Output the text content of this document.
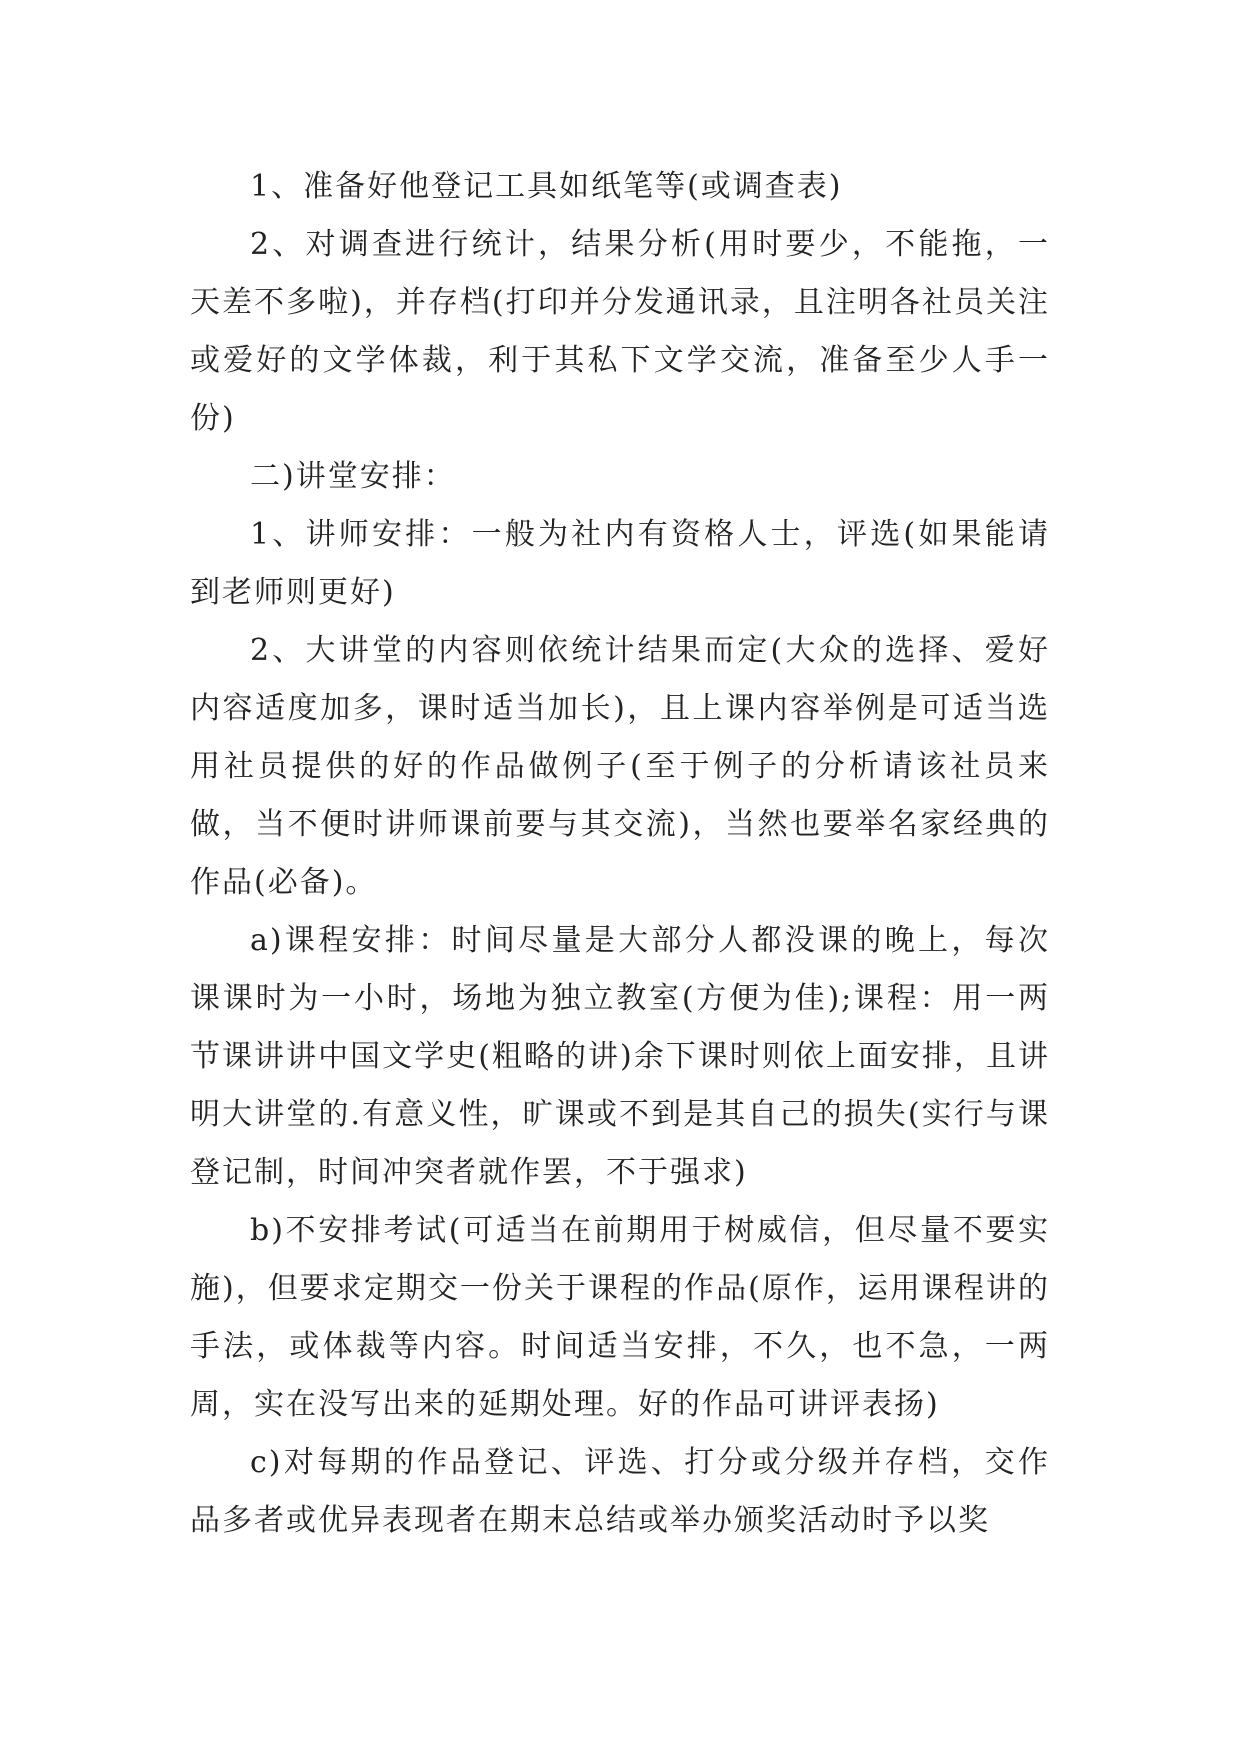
1、准备好他登记工具如纸笔等(或调查表)

2、对调查进行统计，结果分析(用时要少，不能拖，一天差不多啦)，并存档(打印并分发通讯录，且注明各社员关注或爱好的文学体裁，利于其私下文学交流，准备至少人手一份)

二)讲堂安排：

1、讲师安排：一般为社内有资格人士，评选(如果能请到老师则更好)

2、大讲堂的内容则依统计结果而定(大众的选择、爱好内容适度加多，课时适当加长)，且上课内容举例是可适当选用社员提供的好的作品做例子(至于例子的分析请该社员来做，当不便时讲师课前要与其交流)，当然也要举名家经典的作品(必备)。

a)课程安排：时间尽量是大部分人都没课的晚上，每次课课时为一小时，场地为独立教室(方便为佳);课程：用一两节课讲讲中国文学史(粗略的讲)余下课时则依上面安排，且讲明大讲堂的.有意义性，旷课或不到是其自己的损失(实行与课登记制，时间冲突者就作罢，不于强求)

b)不安排考试(可适当在前期用于树威信，但尽量不要实施)，但要求定期交一份关于课程的作品(原作，运用课程讲的手法，或体裁等内容。时间适当安排，不久，也不急，一两周，实在没写出来的延期处理。好的作品可讲评表扬)

c)对每期的作品登记、评选、打分或分级并存档，交作品多者或优异表现者在期末总结或举办颁奖活动时予以奖
